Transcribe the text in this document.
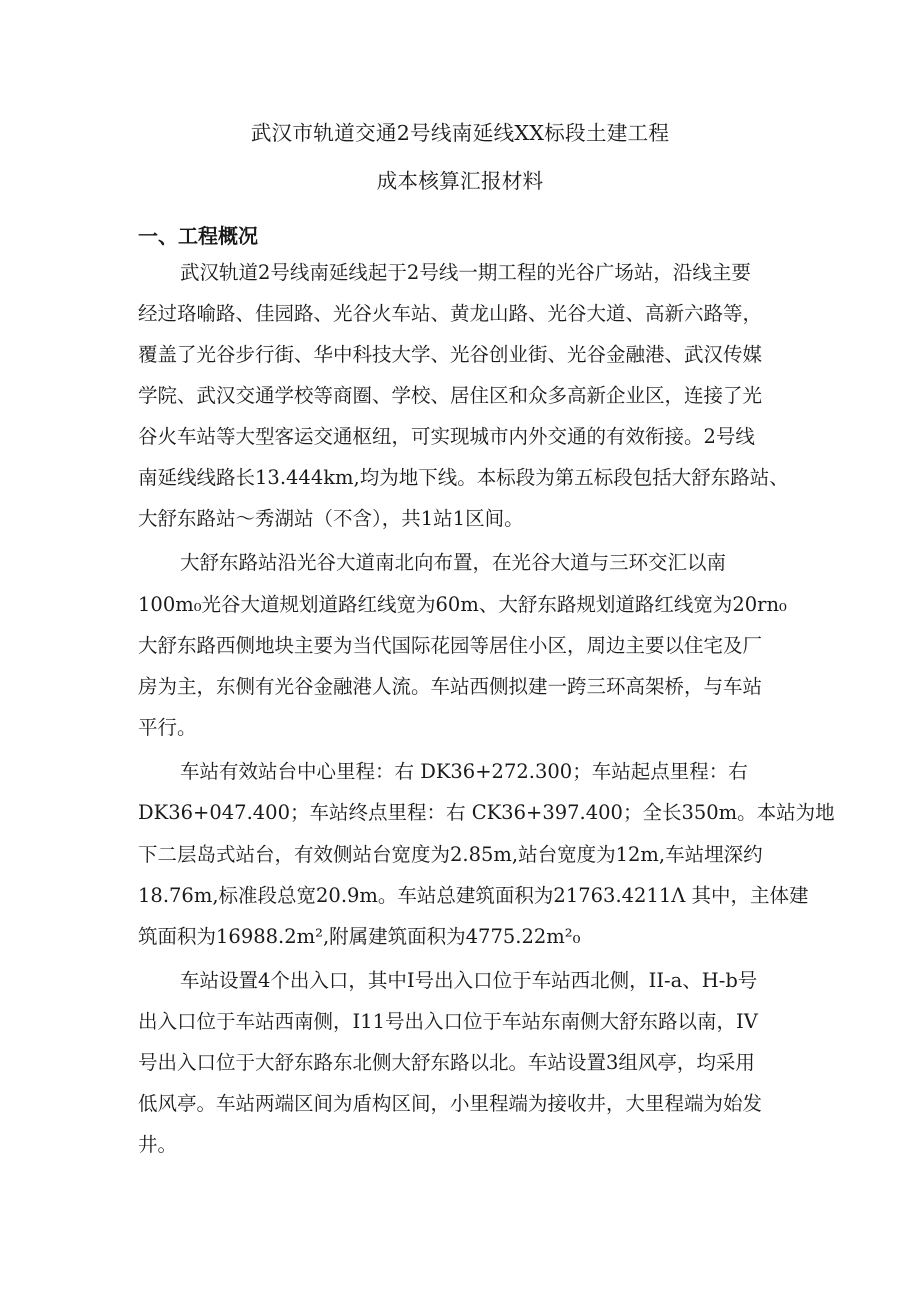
武汉市轨道交通2号线南延线XX标段土建工程
成本核算汇报材料
一、工程概况
武汉轨道2号线南延线起于2号线一期工程的光谷广场站，沿线主要
经过珞喻路、佳园路、光谷火车站、黄龙山路、光谷大道、高新六路等，
覆盖了光谷步行街、华中科技大学、光谷创业街、光谷金融港、武汉传媒
学院、武汉交通学校等商圈、学校、居住区和众多高新企业区，连接了光
谷火车站等大型客运交通枢纽，可实现城市内外交通的有效衔接。2号线
南延线线路长13.444km,均为地下线。本标段为第五标段包括大舒东路站、
大舒东路站～秀湖站（不含），共1站1区间。
大舒东路站沿光谷大道南北向布置，在光谷大道与三环交汇以南
100m₀光谷大道规划道路红线宽为60m、大舒东路规划道路红线宽为20rn₀
大舒东路西侧地块主要为当代国际花园等居住小区，周边主要以住宅及厂
房为主，东侧有光谷金融港人流。车站西侧拟建一跨三环高架桥，与车站
平行。
车站有效站台中心里程：右 DK36+272.300；车站起点里程：右
DK36+047.400；车站终点里程：右 CK36+397.400；全长350m。本站为地
下二层岛式站台，有效侧站台宽度为2.85m,站台宽度为12m,车站埋深约
18.76m,标准段总宽20.9m。车站总建筑面积为21763.4211Λ 其中，主体建
筑面积为16988.2m²,附属建筑面积为4775.22m²₀
车站设置4个出入口，其中I号出入口位于车站西北侧，II-a、H-b号
出入口位于车站西南侧，I11号出入口位于车站东南侧大舒东路以南，IV
号出入口位于大舒东路东北侧大舒东路以北。车站设置3组风亭，均采用
低风亭。车站两端区间为盾构区间，小里程端为接收井，大里程端为始发
井。
